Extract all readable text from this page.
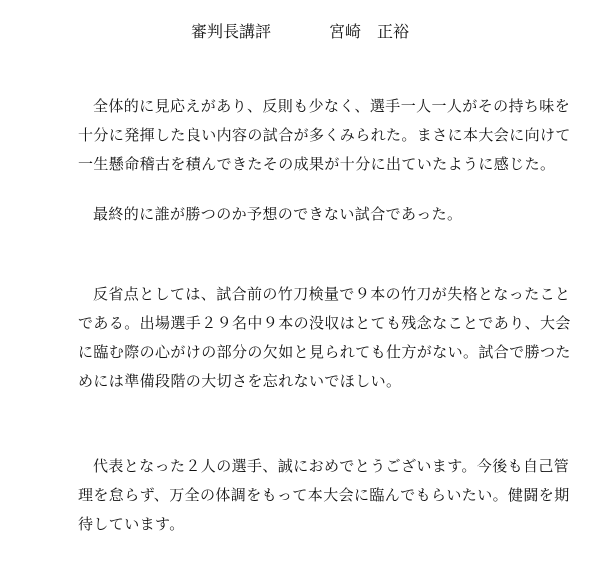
審判長講評	宮崎 正裕

全体的に見応えがあり、反則も少なく、選手一人一人がその持ち味を
十分に発揮した良い内容の試合が多くみられた。まさに本大会に向けて
一生懸命稽古を積んできたその成果が十分に出ていたように感じた。

最終的に誰が勝つのか予想のできない試合であった。

反省点としては、試合前の竹刀検量で９本の竹刀が失格となったこと
である。出場選手２９名中９本の没収はとても残念なことであり、大会
に臨む際の心がけの部分の欠如と見られても仕方がない。試合で勝つた
めには準備段階の大切さを忘れないでほしい。

代表となった２人の選手、誠におめでとうございます。今後も自己管
理を怠らず、万全の体調をもって本大会に臨んでもらいたい。健闘を期
待しています。
